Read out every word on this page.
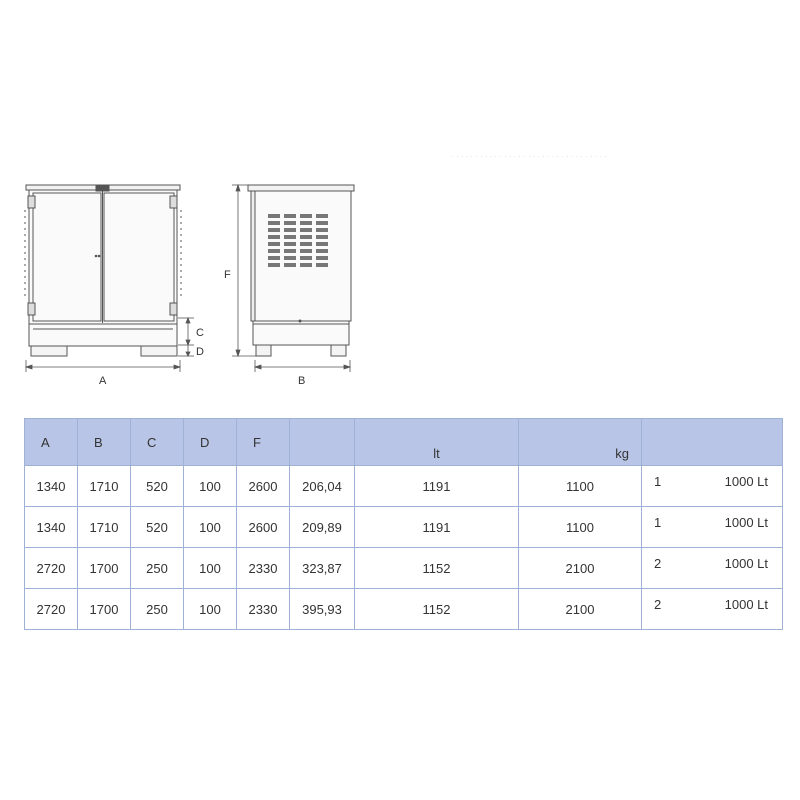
. . . . . . . . . . . . . . . . . . . . . . . . . . . . . . . . .
A
C
D
F
B
A	B	C	D	F		lt	kg	
1340	1710	520	100	2600	206,04	1191	1100	1 1000 Lt

1340	1710	520	100	2600	209,89	1191	1100	1 1000 Lt

2720	1700	250	100	2330	323,87	1152	2100	2 1000 Lt

2720	1700	250	100	2330	395,93	1152	2100	2 1000 Lt
